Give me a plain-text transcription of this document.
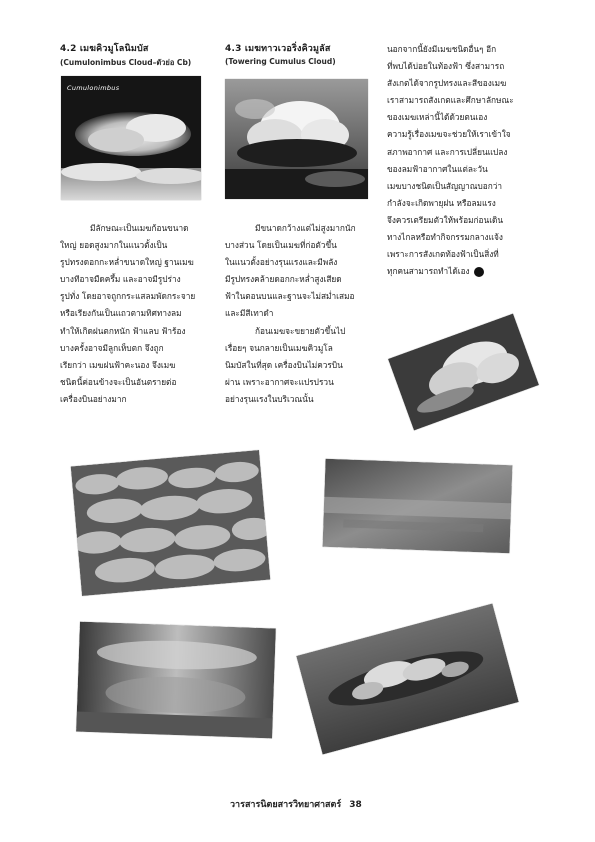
4.2 เมฆคิวมูโลนิมบัส
(Cumulonimbus Cloud–ตัวย่อ Cb)
Cumulonimbus
มีลักษณะเป็นเมฆก้อนขนาด
ใหญ่ ยอดสูงมากในแนวตั้งเป็น
รูปทรงดอกกะหล่ำขนาดใหญ่ ฐานเมฆ
บางทีอาจมืดครึ้ม และอาจมีรูปร่าง
รูปทั่ง โดยอาจถูกกระแสลมพัดกระจาย
หรือเรียงกันเป็นแถวตามทิศทางลม
ทำให้เกิดฝนตกหนัก ฟ้าแลบ ฟ้าร้อง
บางครั้งอาจมีลูกเห็บตก จึงถูก
เรียกว่า เมฆฝนฟ้าคะนอง จึงเมฆ
ชนิดนี้ค่อนข้างจะเป็นอันตรายต่อ
เครื่องบินอย่างมาก
4.3 เมฆทาวเวอริ่งคิวมูลัส
(Towering Cumulus Cloud)
มีขนาดกว้างแต่ไม่สูงมากนัก
บางส่วน โดยเป็นเมฆที่ก่อตัวขึ้น
ในแนวตั้งอย่างรุนแรงและมีพลัง
มีรูปทรงคล้ายดอกกะหล่ำสูงเสียด
ฟ้าในตอนบนและฐานจะไม่สม่ำเสมอ
และมีสีเทาดำ
ก้อนเมฆจะขยายตัวขึ้นไป
เรื่อยๆ จนกลายเป็นเมฆคิวมูโล
นิมบัสในที่สุด เครื่องบินไม่ควรบิน
ผ่าน เพราะอากาศจะแปรปรวน
อย่างรุนแรงในบริเวณนั้น
นอกจากนี้ยังมีเมฆชนิดอื่นๆ อีก
ที่พบได้บ่อยในท้องฟ้า ซึ่งสามารถ
สังเกตได้จากรูปทรงและสีของเมฆ
เราสามารถสังเกตและศึกษาลักษณะ
ของเมฆเหล่านี้ได้ด้วยตนเอง
ความรู้เรื่องเมฆจะช่วยให้เราเข้าใจ
สภาพอากาศ และการเปลี่ยนแปลง
ของลมฟ้าอากาศในแต่ละวัน
เมฆบางชนิดเป็นสัญญาณบอกว่า
กำลังจะเกิดพายุฝน หรือลมแรง
จึงควรเตรียมตัวให้พร้อมก่อนเดิน
ทางไกลหรือทำกิจกรรมกลางแจ้ง
เพราะการสังเกตท้องฟ้าเป็นสิ่งที่
ทุกคนสามารถทำได้เอง
วารสารนิตยสารวิทยาศาสตร์ 38
